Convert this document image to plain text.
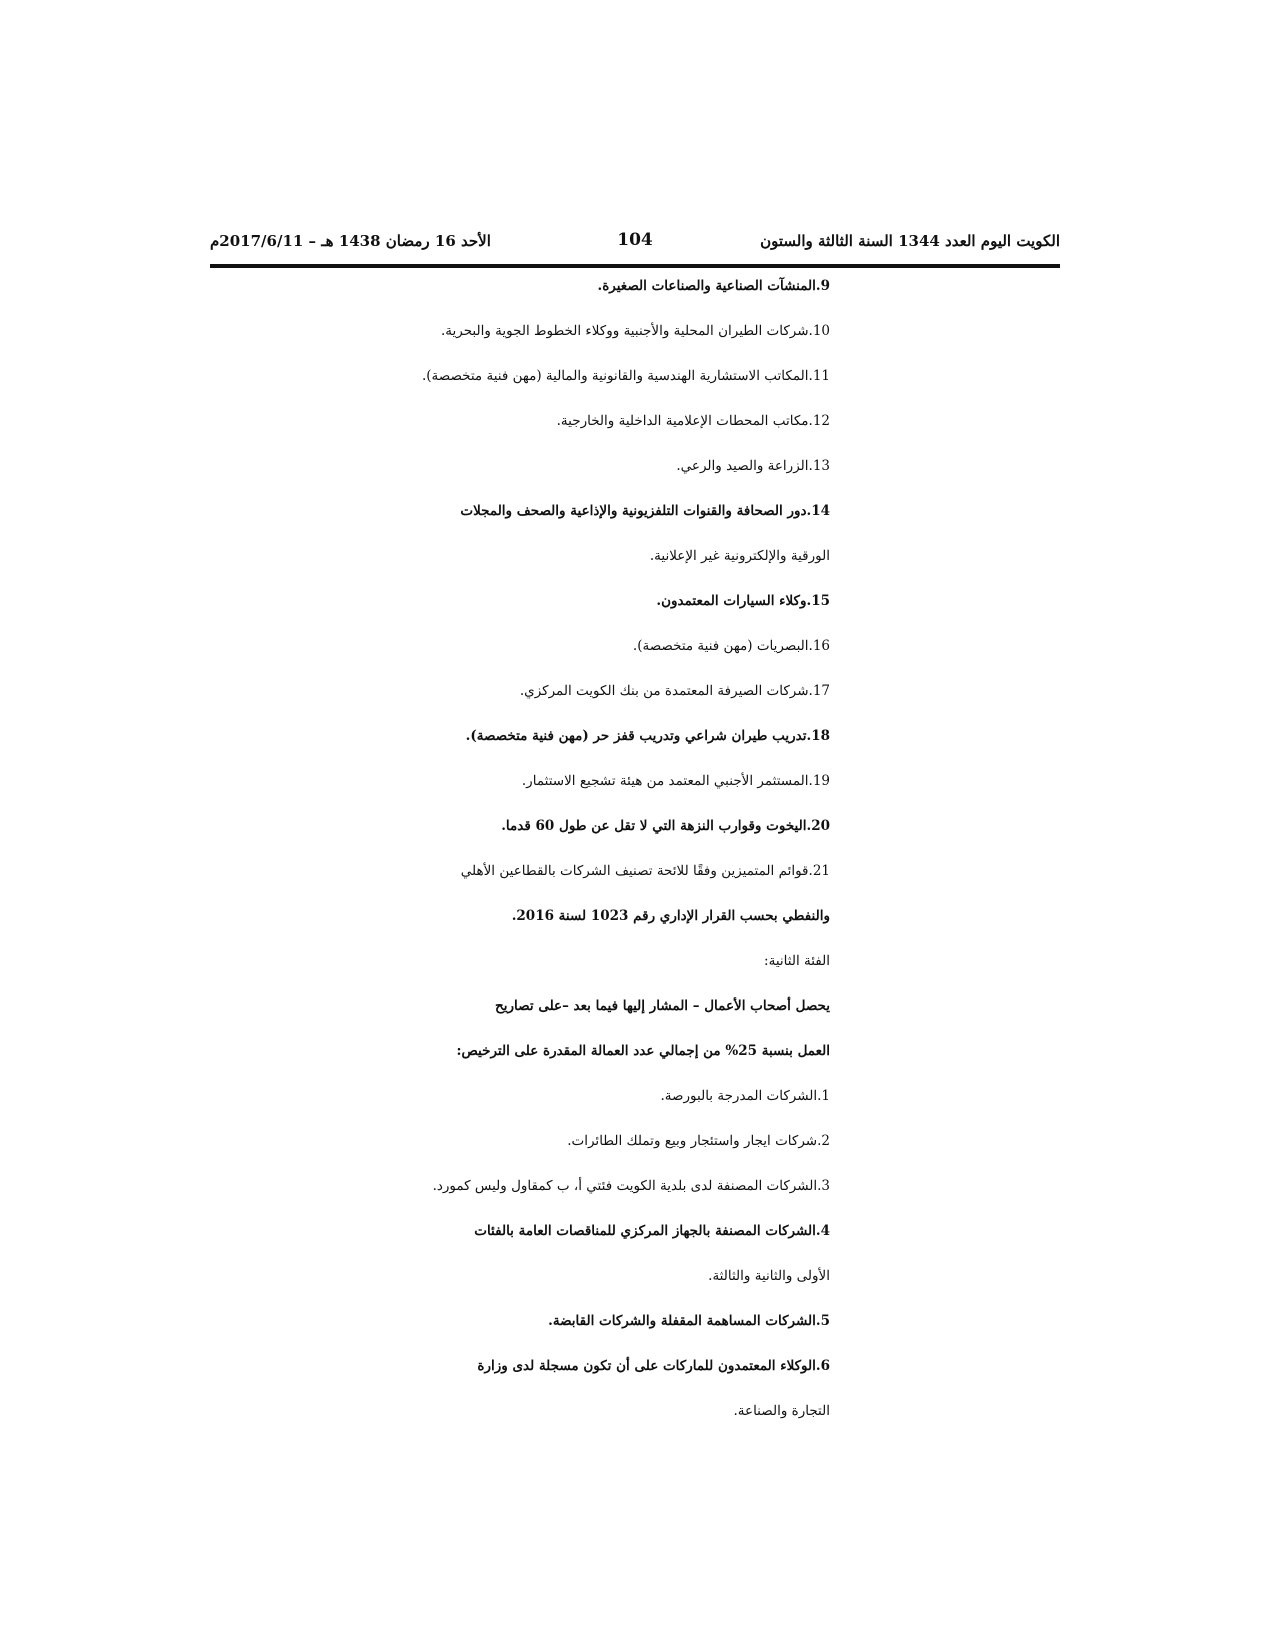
الكويت اليوم العدد 1344 السنة الثالثة والستون
104
الأحد 16 رمضان 1438 هـ – 2017/6/11م
9.المنشآت الصناعية والصناعات الصغيرة.
10.شركات الطيران المحلية والأجنبية ووكلاء الخطوط الجوية والبحرية.
11.المكاتب الاستشارية الهندسية والقانونية والمالية (مهن فنية متخصصة).
12.مكاتب المحطات الإعلامية الداخلية والخارجية.
13.الزراعة والصيد والرعي.
14.دور الصحافة والقنوات التلفزيونية والإذاعية والصحف والمجلات
الورقية والإلكترونية غير الإعلانية.
15.وكلاء السيارات المعتمدون.
16.البصريات (مهن فنية متخصصة).
17.شركات الصيرفة المعتمدة من بنك الكويت المركزي.
18.تدريب طيران شراعي وتدريب قفز حر (مهن فنية متخصصة).
19.المستثمر الأجنبي المعتمد من هيئة تشجيع الاستثمار.
20.اليخوت وقوارب النزهة التي لا تقل عن طول 60 قدما.
21.قوائم المتميزين وفقًا للائحة تصنيف الشركات بالقطاعين الأهلي
والنفطي بحسب القرار الإداري رقم 1023 لسنة 2016.
الفئة الثانية:
يحصل أصحاب الأعمال – المشار إليها فيما بعد –على تصاريح
العمل بنسبة 25% من إجمالي عدد العمالة المقدرة على الترخيص:
1.الشركات المدرجة بالبورصة.
2.شركات ايجار واستئجار وبيع وتملك الطائرات.
3.الشركات المصنفة لدى بلدية الكويت فئتي أ، ب كمقاول وليس كمورد.
4.الشركات المصنفة بالجهاز المركزي للمناقصات العامة بالفئات
الأولى والثانية والثالثة.
5.الشركات المساهمة المقفلة والشركات القابضة.
6.الوكلاء المعتمدون للماركات على أن تكون مسجلة لدى وزارة
التجارة والصناعة.
